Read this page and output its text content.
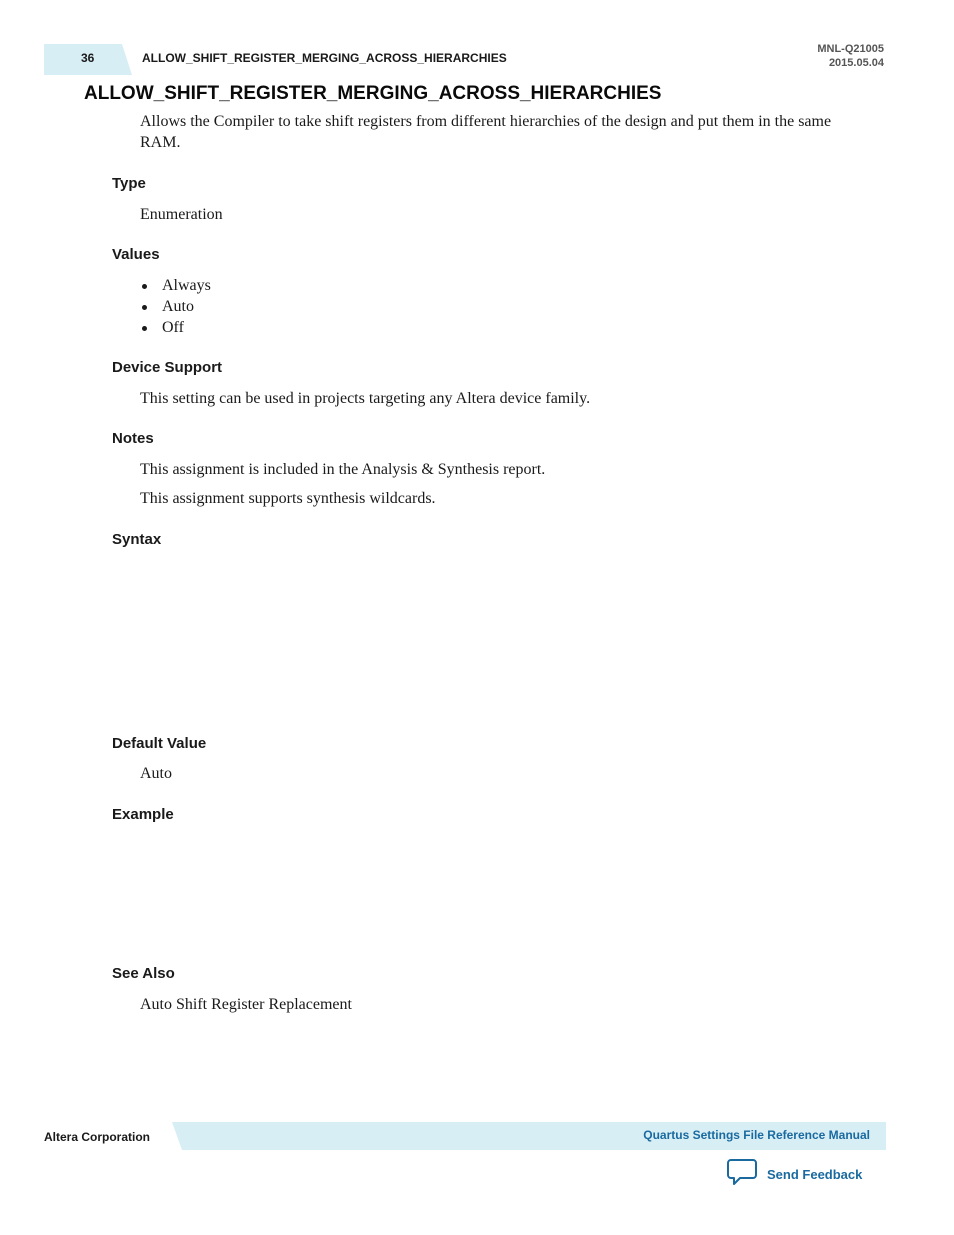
36	ALLOW_SHIFT_REGISTER_MERGING_ACROSS_HIERARCHIES
MNL-Q21005
2015.05.04
ALLOW_SHIFT_REGISTER_MERGING_ACROSS_HIERARCHIES
Allows the Compiler to take shift registers from different hierarchies of the design and put them in the same RAM.
Type
Enumeration
Values
Always
Auto
Off
Device Support
This setting can be used in projects targeting any Altera device family.
Notes
This assignment is included in the Analysis & Synthesis report.
This assignment supports synthesis wildcards.
Syntax
Default Value
Auto
Example
See Also
Auto Shift Register Replacement
Altera Corporation	Quartus Settings File Reference Manual
Send Feedback
